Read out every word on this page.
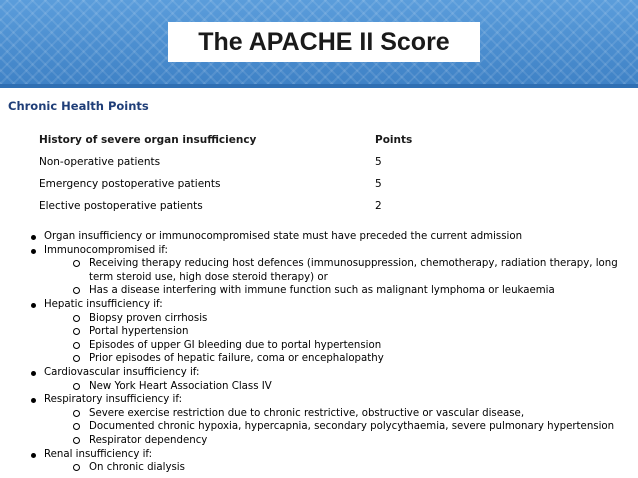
The APACHE II Score
Chronic Health Points
History of severe organ insufficiency	Points
Non-operative patients	5
Emergency postoperative patients	5
Elective postoperative patients	2
Organ insufficiency or immunocompromised state must have preceded the current admission
Immunocompromised if:
Receiving therapy reducing host defences (immunosuppression, chemotherapy, radiation therapy, long term steroid use, high dose steroid therapy) or
Has a disease interfering with immune function such as malignant lymphoma or leukaemia
Hepatic insufficiency if:
Biopsy proven cirrhosis
Portal hypertension
Episodes of upper GI bleeding due to portal hypertension
Prior episodes of hepatic failure, coma or encephalopathy
Cardiovascular insufficiency if:
New York Heart Association Class IV
Respiratory insufficiency if:
Severe exercise restriction due to chronic restrictive, obstructive or vascular disease,
Documented chronic hypoxia, hypercapnia, secondary polycythaemia, severe pulmonary hypertension
Respirator dependency
Renal insufficiency if:
On chronic dialysis
